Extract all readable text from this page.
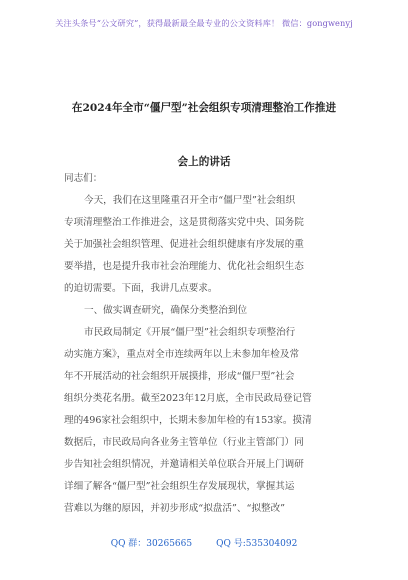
关注头条号“公文研究”，获得最新最全最专业的公文资料库！ 微信：gongwenyj
在2024年全市“僵尸型”社会组织专项清理整治工作推进
会上的讲话
同志们：
今天，我们在这里隆重召开全市“僵尸型”社会组织
专项清理整治工作推进会，这是贯彻落实党中央、国务院
关于加强社会组织管理、促进社会组织健康有序发展的重
要举措，也是提升我市社会治理能力、优化社会组织生态
的迫切需要。下面，我讲几点要求。
一、做实调查研究，确保分类整治到位
市民政局制定《开展“僵尸型”社会组织专项整治行
动实施方案》，重点对全市连续两年以上未参加年检及常
年不开展活动的社会组织开展摸排，形成“僵尸型”社会
组织分类花名册。截至2023年12月底，全市民政局登记管
理的496家社会组织中，长期未参加年检的有153家。摸清
数据后，市民政局向各业务主管单位（行业主管部门）同
步告知社会组织情况，并邀请相关单位联合开展上门调研
详细了解各“僵尸型”社会组织生存发展现状，掌握其运
营难以为继的原因，并初步形成“拟盘活”、“拟整改”
QQ 群：30265665	QQ 号:535304092
